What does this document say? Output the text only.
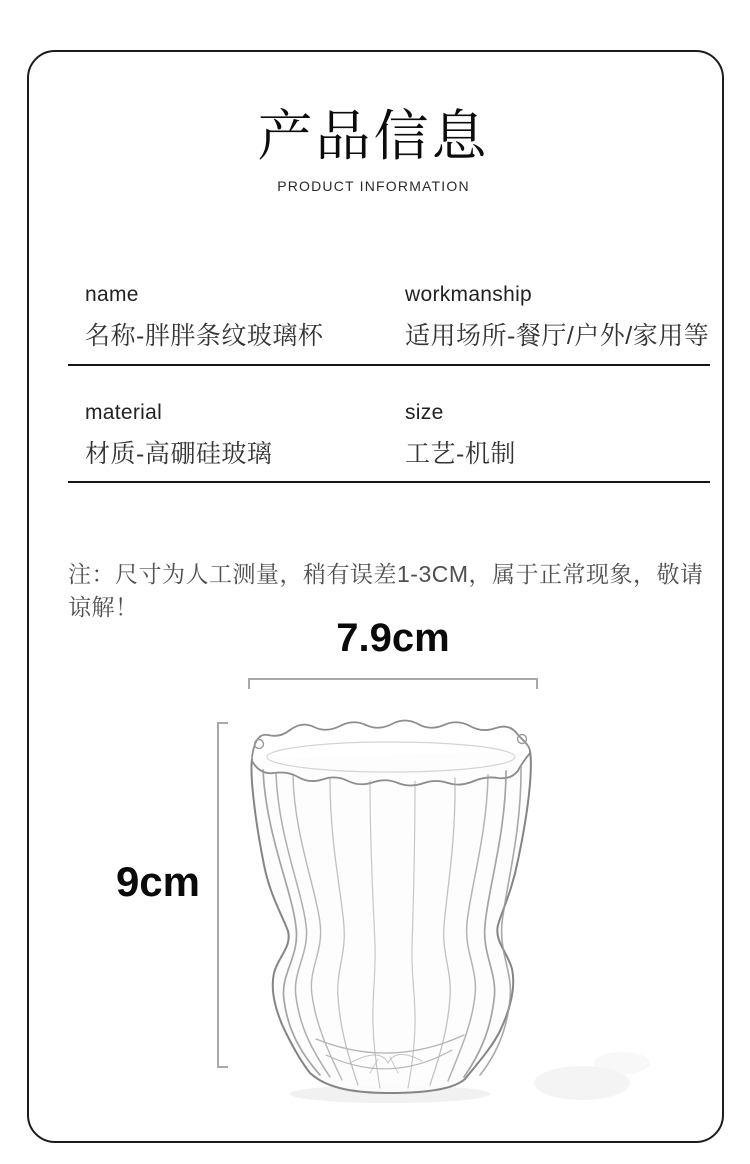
产品信息
PRODUCT INFORMATION
name
名称-胖胖条纹玻璃杯
workmanship
适用场所-餐厅/户外/家用等
material
材质-高硼硅玻璃
size
工艺-机制
注：尺寸为人工测量，稍有误差1-3CM，属于正常现象，敬请谅解！
7.9cm
9cm
